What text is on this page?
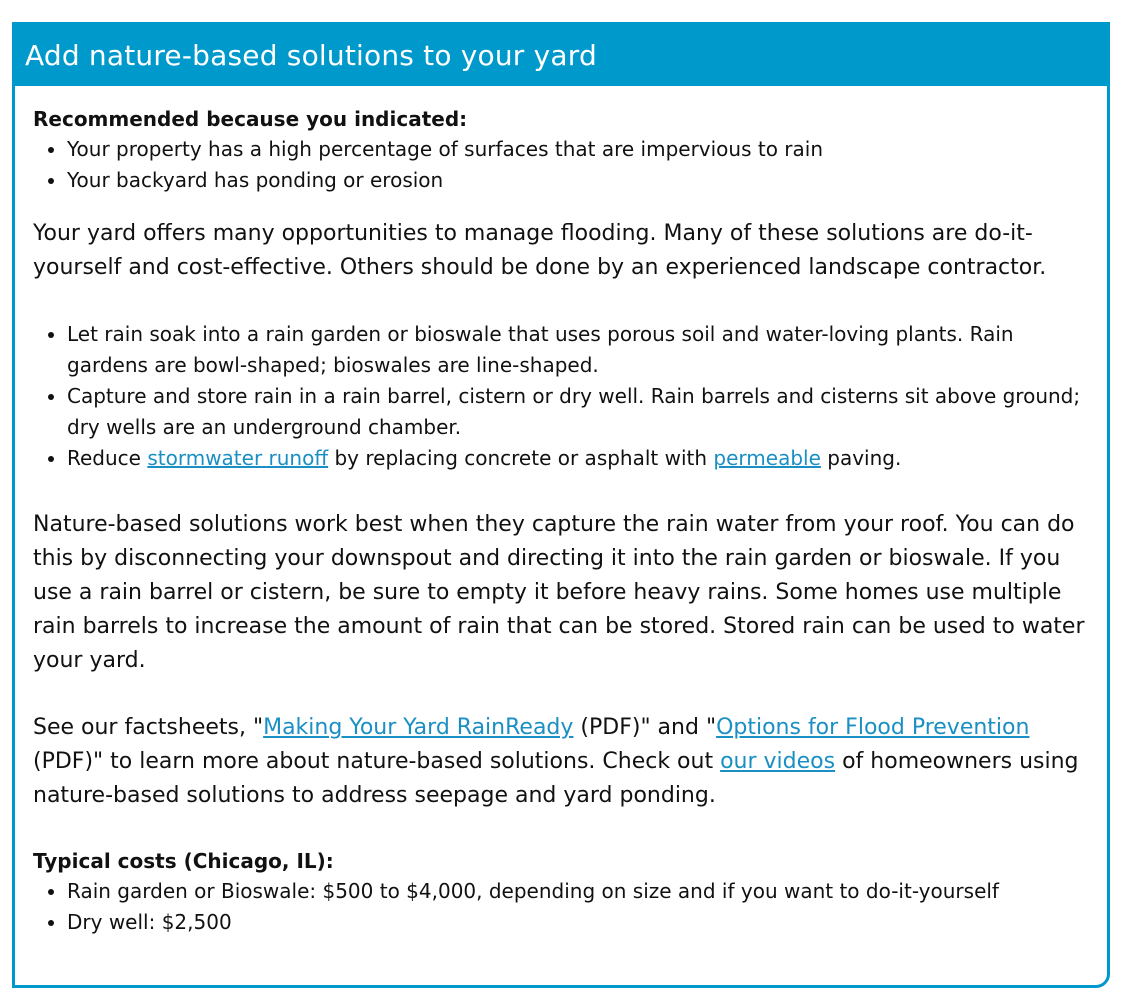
Add nature-based solutions to your yard
Recommended because you indicated:
• Your property has a high percentage of surfaces that are impervious to rain
• Your backyard has ponding or erosion

Your yard offers many opportunities to manage flooding. Many of these solutions are do-it-yourself and cost-effective. Others should be done by an experienced landscape contractor.

• Let rain soak into a rain garden or bioswale that uses porous soil and water-loving plants. Rain gardens are bowl-shaped; bioswales are line-shaped.
• Capture and store rain in a rain barrel, cistern or dry well. Rain barrels and cisterns sit above ground; dry wells are an underground chamber.
• Reduce stormwater runoff by replacing concrete or asphalt with permeable paving.

Nature-based solutions work best when they capture the rain water from your roof. You can do this by disconnecting your downspout and directing it into the rain garden or bioswale. If you use a rain barrel or cistern, be sure to empty it before heavy rains. Some homes use multiple rain barrels to increase the amount of rain that can be stored. Stored rain can be used to water your yard.

See our factsheets, "Making Your Yard RainReady (PDF)" and "Options for Flood Prevention (PDF)" to learn more about nature-based solutions. Check out our videos of homeowners using nature-based solutions to address seepage and yard ponding.

Typical costs (Chicago, IL):
• Rain garden or Bioswale: $500 to $4,000, depending on size and if you want to do-it-yourself
• Dry well: $2,500
